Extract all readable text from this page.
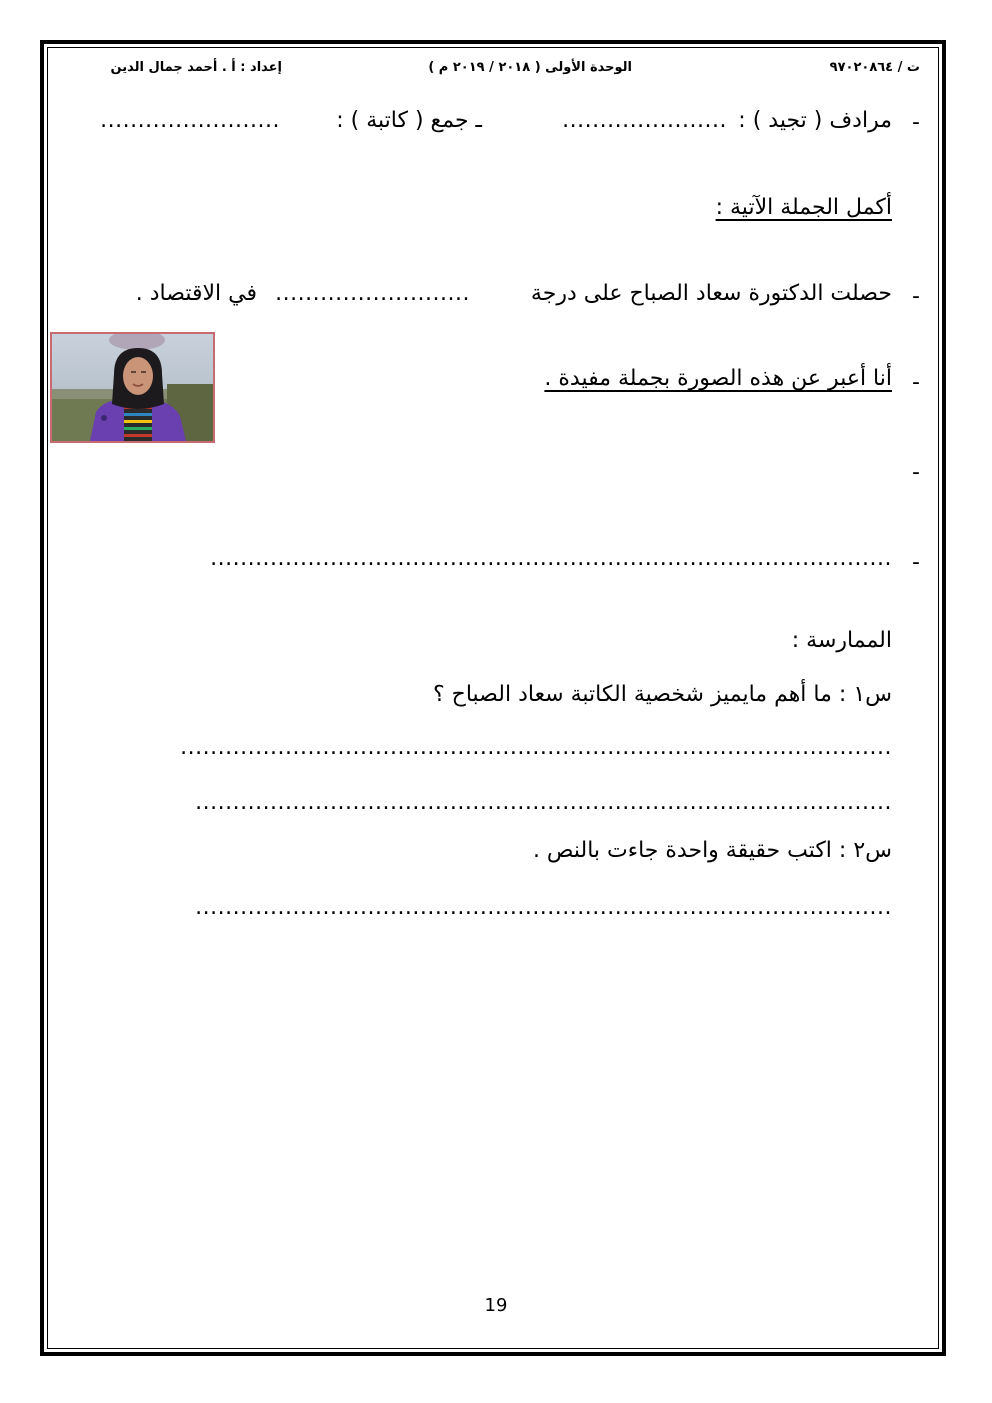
ت / ٩٧٠٢٠٨٦٤
الوحدة الأولى ( ٢٠١٨ / ٢٠١٩ م )
إعداد : أ . أحمد جمال الدين
-
مرادف ( تجيد ) :
......................
ـ جمع ( كاتبة ) :
........................
أكمل الجملة الآتية :
-
حصلت الدكتورة سعاد الصباح على درجة
..........................
في الاقتصاد .
-
أنا أعبر عن هذه الصورة بجملة مفيدة .
-
-
...........................................................................................
الممارسة :
س١ : ما أهم مايميز شخصية الكاتبة سعاد الصباح ؟
...............................................................................................
.............................................................................................
س٢ : اكتب حقيقة واحدة جاءت بالنص .
.............................................................................................
19
